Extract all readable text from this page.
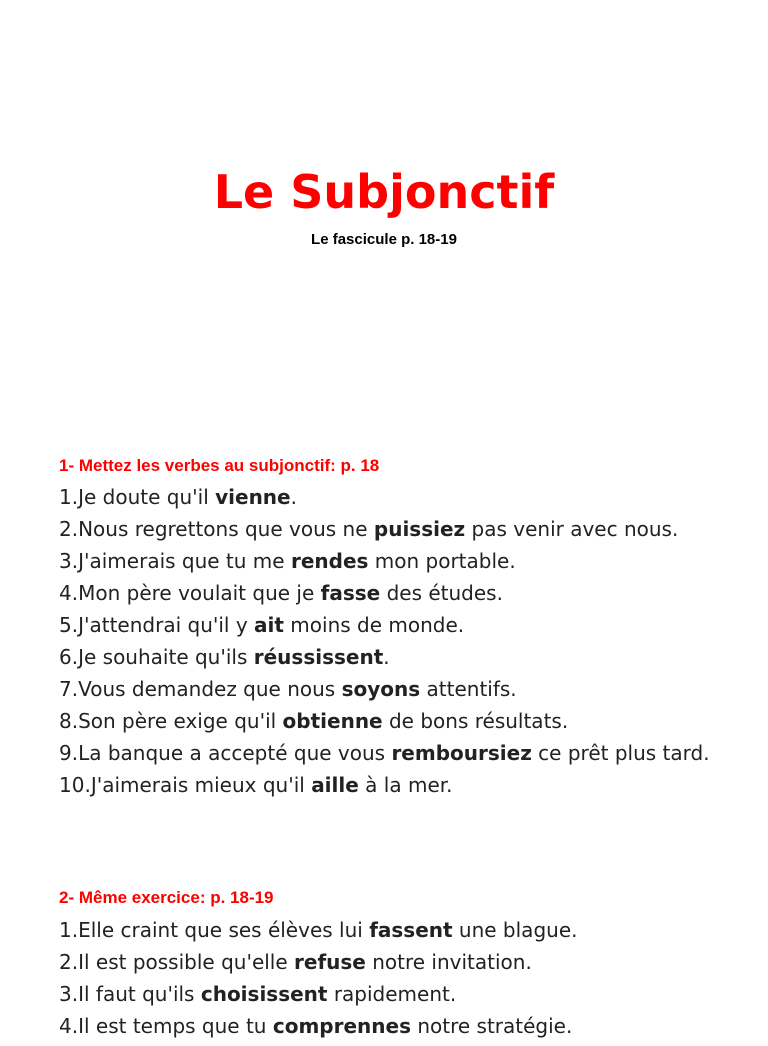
Le Subjonctif
Le fascicule p. 18-19
1- Mettez les verbes au subjonctif: p. 18
1.Je doute qu'il vienne.
2.Nous regrettons que vous ne puissiez pas venir avec nous.
3.J'aimerais que tu me rendes mon portable.
4.Mon père voulait que je fasse des études.
5.J'attendrai qu'il y ait moins de monde.
6.Je souhaite qu'ils réussissent.
7.Vous demandez que nous soyons attentifs.
8.Son père exige qu'il obtienne de bons résultats.
9.La banque a accepté que vous remboursiez ce prêt plus tard.
10.J'aimerais mieux qu'il aille à la mer.
2- Même exercice: p. 18-19
1.Elle craint que ses élèves lui fassent une blague.
2.Il est possible qu'elle refuse notre invitation.
3.Il faut qu'ils choisissent rapidement.
4.Il est temps que tu comprennes notre stratégie.
